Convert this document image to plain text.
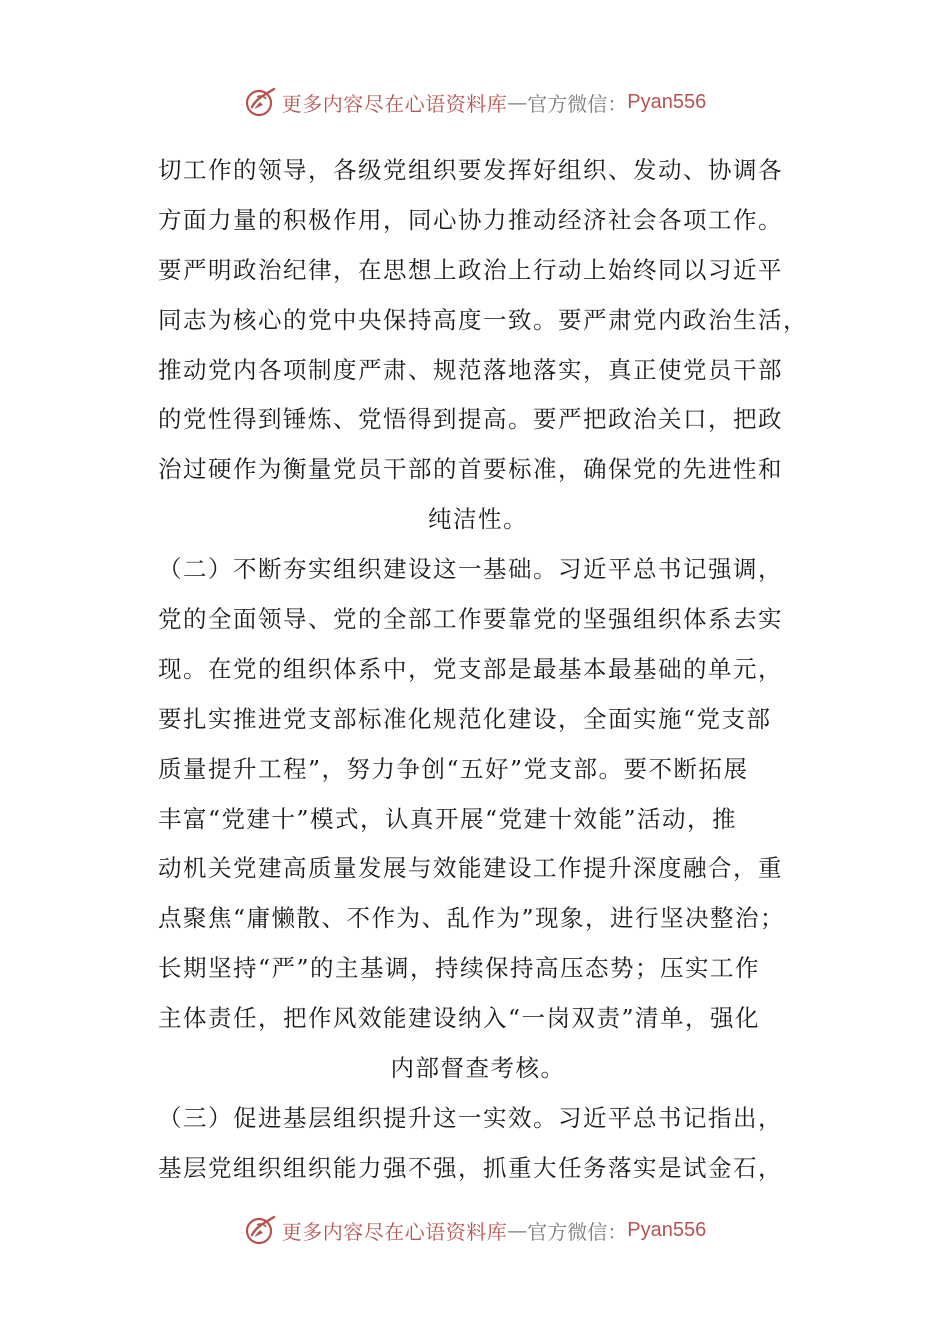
更多内容尽在心语资料库 — 官方微信： Pyan556
切工作的领导，各级党组织要发挥好组织、发动、协调各
方面力量的积极作用，同心协力推动经济社会各项工作。
要严明政治纪律，在思想上政治上行动上始终同以习近平
同志为核心的党中央保持高度一致。要严肃党内政治生活，
推动党内各项制度严肃、规范落地落实，真正使党员干部
的党性得到锤炼、党悟得到提高。要严把政治关口，把政
治过硬作为衡量党员干部的首要标准，确保党的先进性和
纯洁性。
（二）不断夯实组织建设这一基础。习近平总书记强调，
党的全面领导、党的全部工作要靠党的坚强组织体系去实
现。在党的组织体系中，党支部是最基本最基础的单元，
要扎实推进党支部标准化规范化建设，全面实施“党支部
质量提升工程”，努力争创“五好”党支部。要不断拓展
丰富“党建十”模式，认真开展“党建十效能”活动，推
动机关党建高质量发展与效能建设工作提升深度融合，重
点聚焦“庸懒散、不作为、乱作为”现象，进行坚决整治；
长期坚持“严”的主基调，持续保持高压态势；压实工作
主体责任，把作风效能建设纳入“一岗双责”清单，强化
内部督查考核。
（三）促进基层组织提升这一实效。习近平总书记指出，
基层党组织组织能力强不强，抓重大任务落实是试金石，
更多内容尽在心语资料库 — 官方微信： Pyan556
